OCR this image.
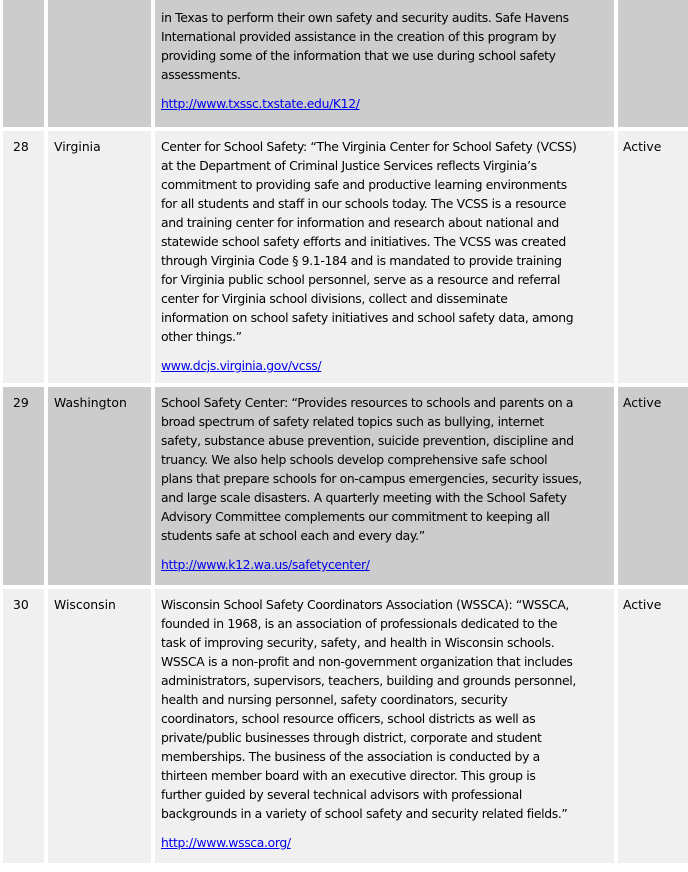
in Texas to perform their own safety and security audits. Safe Havens
International provided assistance in the creation of this program by
providing some of the information that we use during school safety
assessments.
http://www.txssc.txstate.edu/K12/
28	Virginia	Center for School Safety: “The Virginia Center for School Safety (VCSS)
at the Department of Criminal Justice Services reflects Virginia’s
commitment to providing safe and productive learning environments
for all students and staff in our schools today. The VCSS is a resource
and training center for information and research about national and
statewide school safety efforts and initiatives. The VCSS was created
through Virginia Code § 9.1-184 and is mandated to provide training
for Virginia public school personnel, serve as a resource and referral
center for Virginia school divisions, collect and disseminate
information on school safety initiatives and school safety data, among
other things.”
www.dcjs.virginia.gov/vcss/
Active
29	Washington	School Safety Center: “Provides resources to schools and parents on a
broad spectrum of safety related topics such as bullying, internet
safety, substance abuse prevention, suicide prevention, discipline and
truancy. We also help schools develop comprehensive safe school
plans that prepare schools for on-campus emergencies, security issues,
and large scale disasters. A quarterly meeting with the School Safety
Advisory Committee complements our commitment to keeping all
students safe at school each and every day.”
http://www.k12.wa.us/safetycenter/
Active
30	Wisconsin	Wisconsin School Safety Coordinators Association (WSSCA): “WSSCA,
founded in 1968, is an association of professionals dedicated to the
task of improving security, safety, and health in Wisconsin schools.
WSSCA is a non-profit and non-government organization that includes
administrators, supervisors, teachers, building and grounds personnel,
health and nursing personnel, safety coordinators, security
coordinators, school resource officers, school districts as well as
private/public businesses through district, corporate and student
memberships. The business of the association is conducted by a
thirteen member board with an executive director. This group is
further guided by several technical advisors with professional
backgrounds in a variety of school safety and security related fields.”
http://www.wssca.org/
Active
